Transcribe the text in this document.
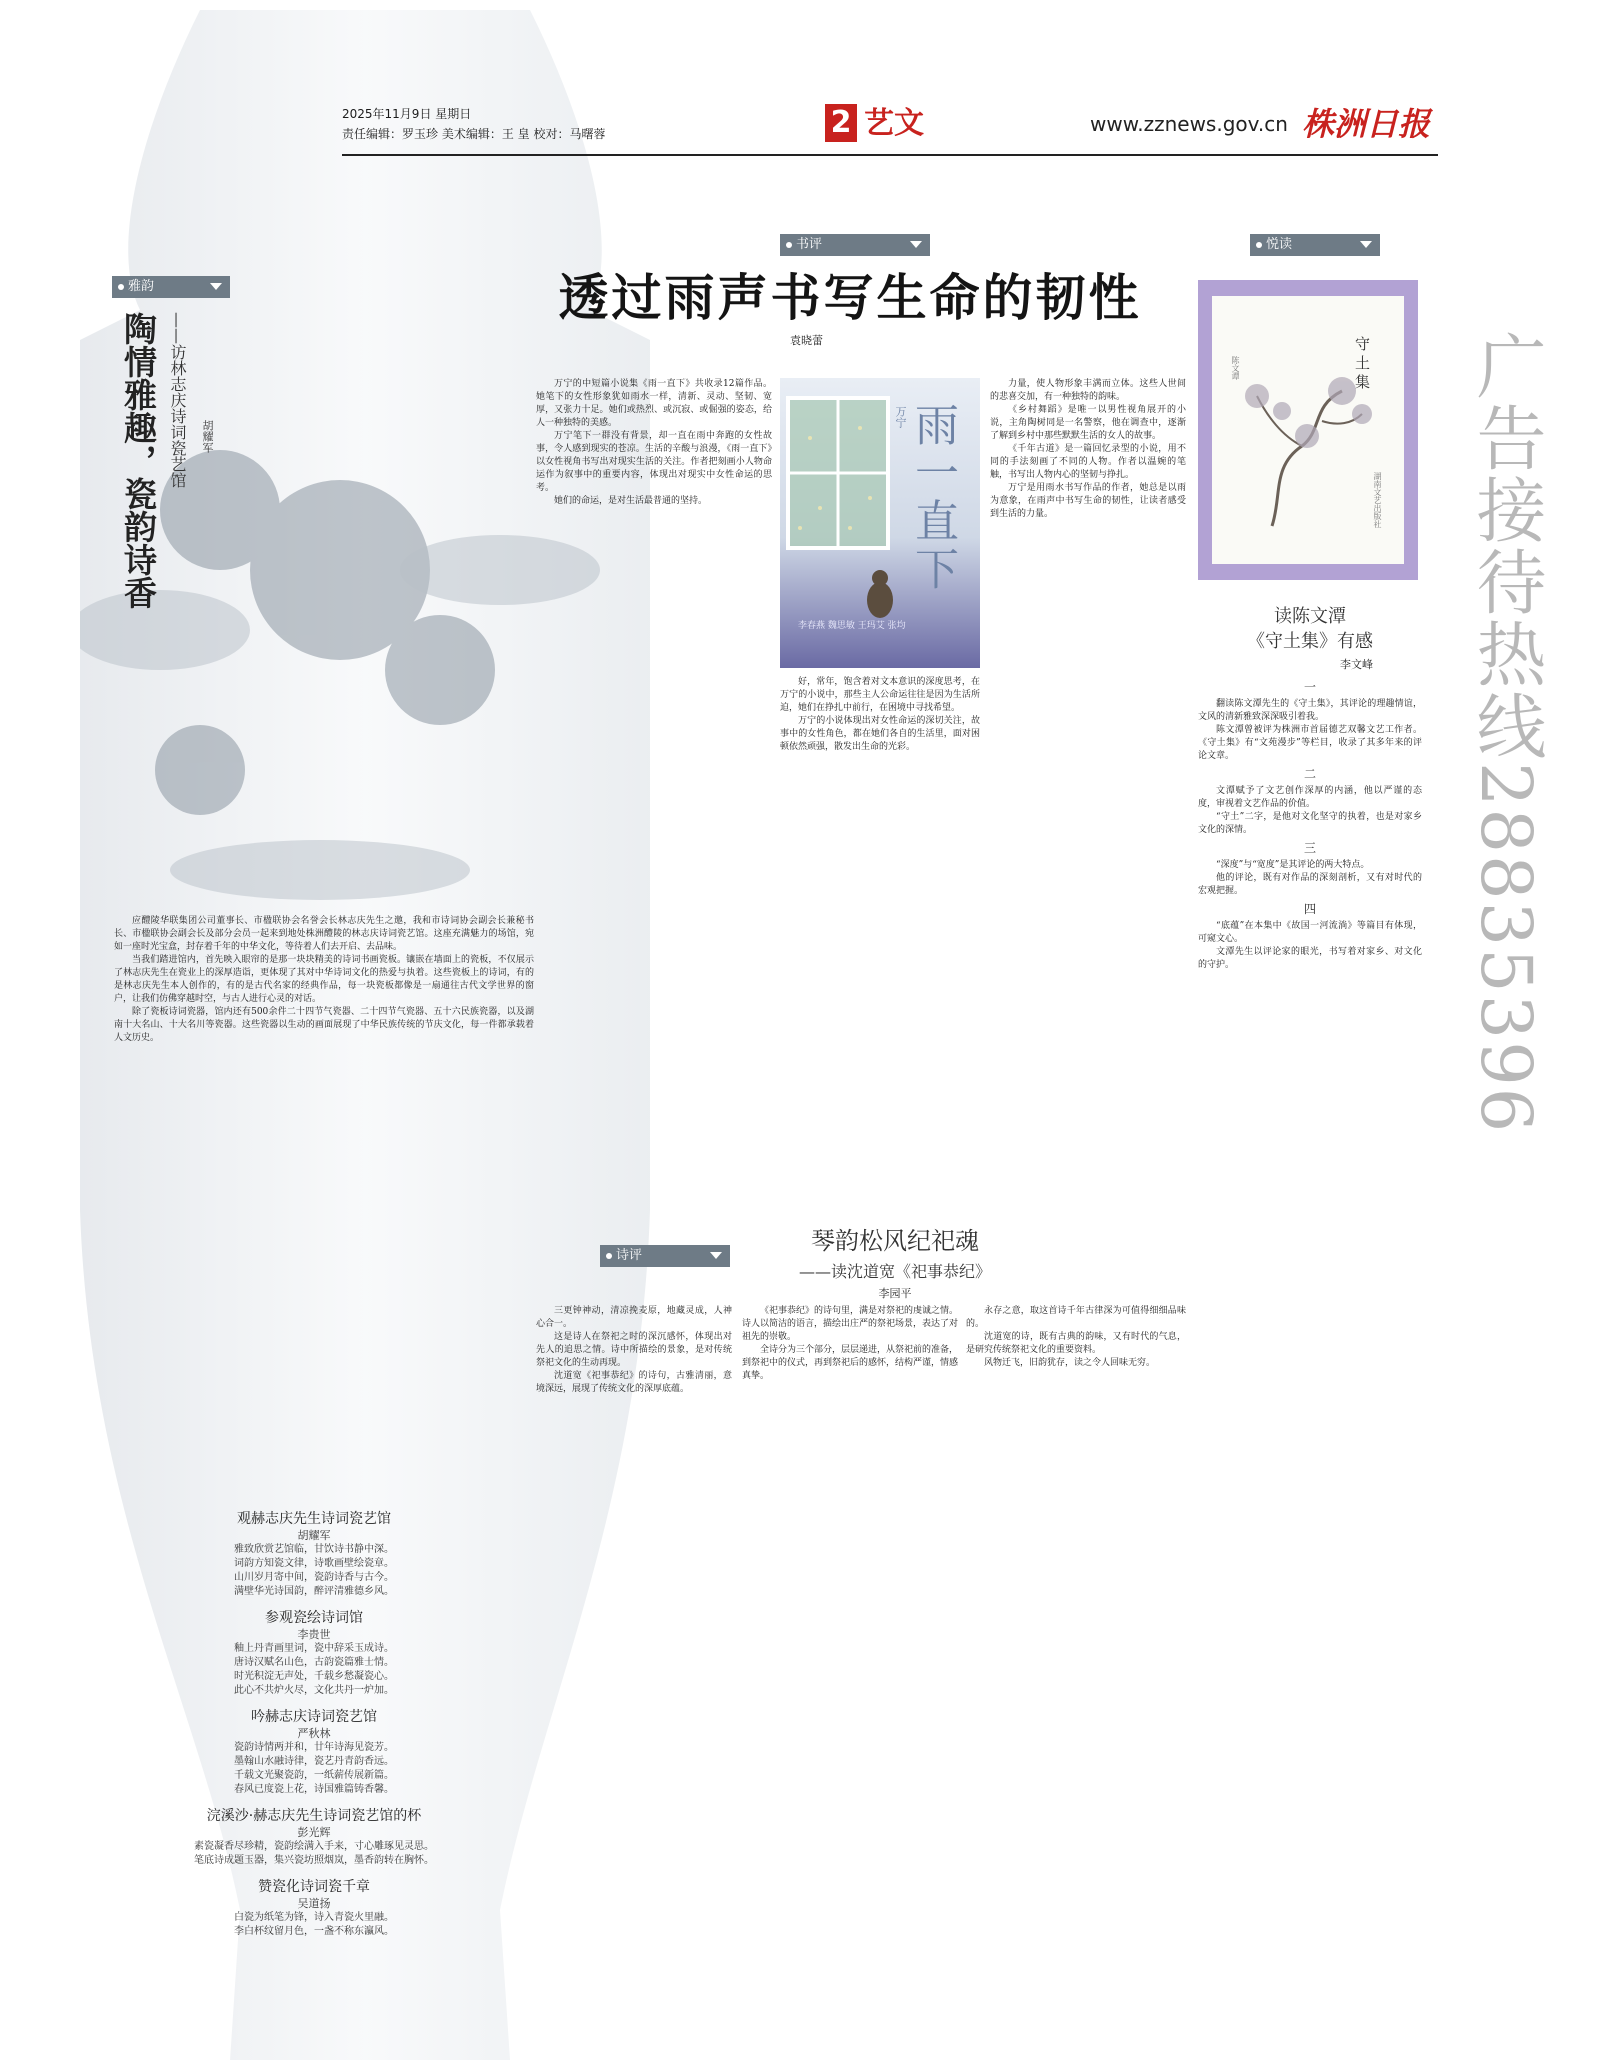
2025年11月9日 星期日
责任编辑：罗玉珍 美术编辑：王 皇 校对：马曙蓉	2 艺文	www.zznews.gov.cn 株洲日报
雅韵
陶情雅趣，瓷韵诗香 ——访林志庆诗词瓷艺馆 胡耀军

应醴陵华联集团公司董事长、市楹联协会名誉会长林志庆先生之邀，我和市诗词协会副会长兼秘书长、市楹联协会副会长及部分会员一起来到地处株洲醴陵的林志庆诗词瓷艺馆。这座充满魅力的场馆，宛如一座时光宝盒，封存着千年的中华文化，等待着人们去开启、去品味。

当我们踏进馆内，首先映入眼帘的是那一块块精美的诗词书画瓷板。镶嵌在墙面上的瓷板，不仅展示了林志庆先生在瓷业上的深厚造诣，更体现了其对中华诗词文化的热爱与执着。这些瓷板上的诗词，有的是林志庆先生本人创作的，有的是古代名家的经典作品，每一块瓷板都像是一扇通往古代文学世界的窗户，让我们仿佛穿越时空，与古人进行心灵的对话。

除了瓷板诗词瓷器，馆内还有500余件二十四节气瓷器、二十四节气瓷器、五十六民族瓷器，以及湖南十大名山、十大名川等瓷器。这些瓷器以生动的画面展现了中华民族传统的节庆文化，每一件都承载着人文历史。

观赫志庆先生诗词瓷艺馆
胡耀军
雅致欣赏艺馆临，甘饮诗书静中深。
词韵方知瓷文律，诗歌画壁绘瓷章。
山川岁月寄中间，瓷韵诗香与古今。
满壁华光诗国韵，醉评清雅德乡风。
参观瓷绘诗词馆
李贵世
釉上丹青画里词，瓷中辞采玉成诗。
唐诗汉赋名山色，古韵瓷篇雅士情。
时光积淀无声处，千载乡愁凝瓷心。
此心不共炉火尽，文化共丹一炉加。
吟赫志庆诗词瓷艺馆
严秋林
瓷韵诗情两并和，廿年诗海见瓷芳。
墨翰山水融诗律，瓷艺丹青韵香远。
千载文光聚瓷韵，一纸薪传展新篇。
春风已度瓷上花，诗国雅篇铸香馨。
浣溪沙·赫志庆先生诗词瓷艺馆的杯
彭光辉
素瓷凝香尽珍精，瓷韵绘满入手来，寸心雕琢见灵思。
笔底诗成题玉器，集兴瓷坊照烟岚，墨香韵转在胸怀。
赞瓷化诗词瓷千章
吴道扬
白瓷为纸笔为锋，诗入青瓷火里融。
李白杯纹留月色，一盏不称东瀛风。
书评
透过雨声书写生命的韧性
袁晓蕾
雨一直下
万宁
李春燕 魏思敏 王玛艾 张均

万宁的中短篇小说集《雨一直下》共收录12篇作品。她笔下的女性形象犹如雨水一样，清新、灵动、坚韧、宽厚，又张力十足。她们或热烈、或沉寂、或倔强的姿态，给人一种独特的美感。

万宁笔下一群没有背景，却一直在雨中奔跑的女性故事，令人感到现实的苍凉。生活的辛酸与浪漫，《雨一直下》以女性视角书写出对现实生活的关注。作者把刻画小人物命运作为叙事中的重要内容，体现出对现实中女性命运的思考。

她们的命运，是对生活最普通的坚持。

好，常年，饱含着对文本意识的深度思考，在万宁的小说中，那些主人公命运往往是因为生活所迫，她们在挣扎中前行，在困境中寻找希望。

万宁的小说体现出对女性命运的深切关注，故事中的女性角色，都在她们各自的生活里，面对困顿依然顽强，散发出生命的光彩。

力量，使人物形象丰满而立体。这些人世间的悲喜交加，有一种独特的韵味。

《乡村舞蹈》是唯一以男性视角展开的小说，主角陶树同是一名警察，他在调查中，逐渐了解到乡村中那些默默生活的女人的故事。

《千年古道》是一篇回忆录型的小说，用不同的手法刻画了不同的人物。作者以温婉的笔触，书写出人物内心的坚韧与挣扎。

万宁是用雨水书写作品的作者，她总是以雨为意象，在雨声中书写生命的韧性，让读者感受到生活的力量。

诗评
琴韵松风纪祀魂
——读沈道宽《祀事恭纪》
李园平

三更钟神动，清凉挽麦原，地藏灵成，人神心合一。

这是诗人在祭祀之时的深沉感怀，体现出对先人的追思之情。诗中所描绘的景象，是对传统祭祀文化的生动再现。

沈道宽《祀事恭纪》的诗句，古雅清丽，意境深远，展现了传统文化的深厚底蕴。

《祀事恭纪》的诗句里，满是对祭祀的虔诚之情。诗人以简洁的语言，描绘出庄严的祭祀场景，表达了对祖先的崇敬。

全诗分为三个部分，层层递进，从祭祀前的准备，到祭祀中的仪式，再到祭祀后的感怀，结构严谨，情感真挚。

永存之意，取这首诗千年古律深为可值得细细品味的。

沈道宽的诗，既有古典的韵味，又有时代的气息，是研究传统祭祀文化的重要资料。

风物迁飞，旧韵犹存，读之令人回味无穷。

悦读
守土集
陈文谭
湖南文艺出版社
读陈文潭
《守土集》有感
李文峰
一

翻读陈文潭先生的《守土集》，其评论的理趣情谊，文风的清新雅致深深吸引着我。

陈文潭曾被评为株洲市首届德艺双馨文艺工作者。《守土集》有“文苑漫步”等栏目，收录了其多年来的评论文章。

二

文潭赋予了文艺创作深厚的内涵，他以严谨的态度，审视着文艺作品的价值。

“守土”二字，是他对文化坚守的执着，也是对家乡文化的深情。

三

“深度”与“宽度”是其评论的两大特点。

他的评论，既有对作品的深刻剖析，又有对时代的宏观把握。

四

“底蕴”在本集中《故国一河流淌》等篇目有体现，可窥文心。

文潭先生以评论家的眼光，书写着对家乡、对文化的守护。	广告接待热线28835396
